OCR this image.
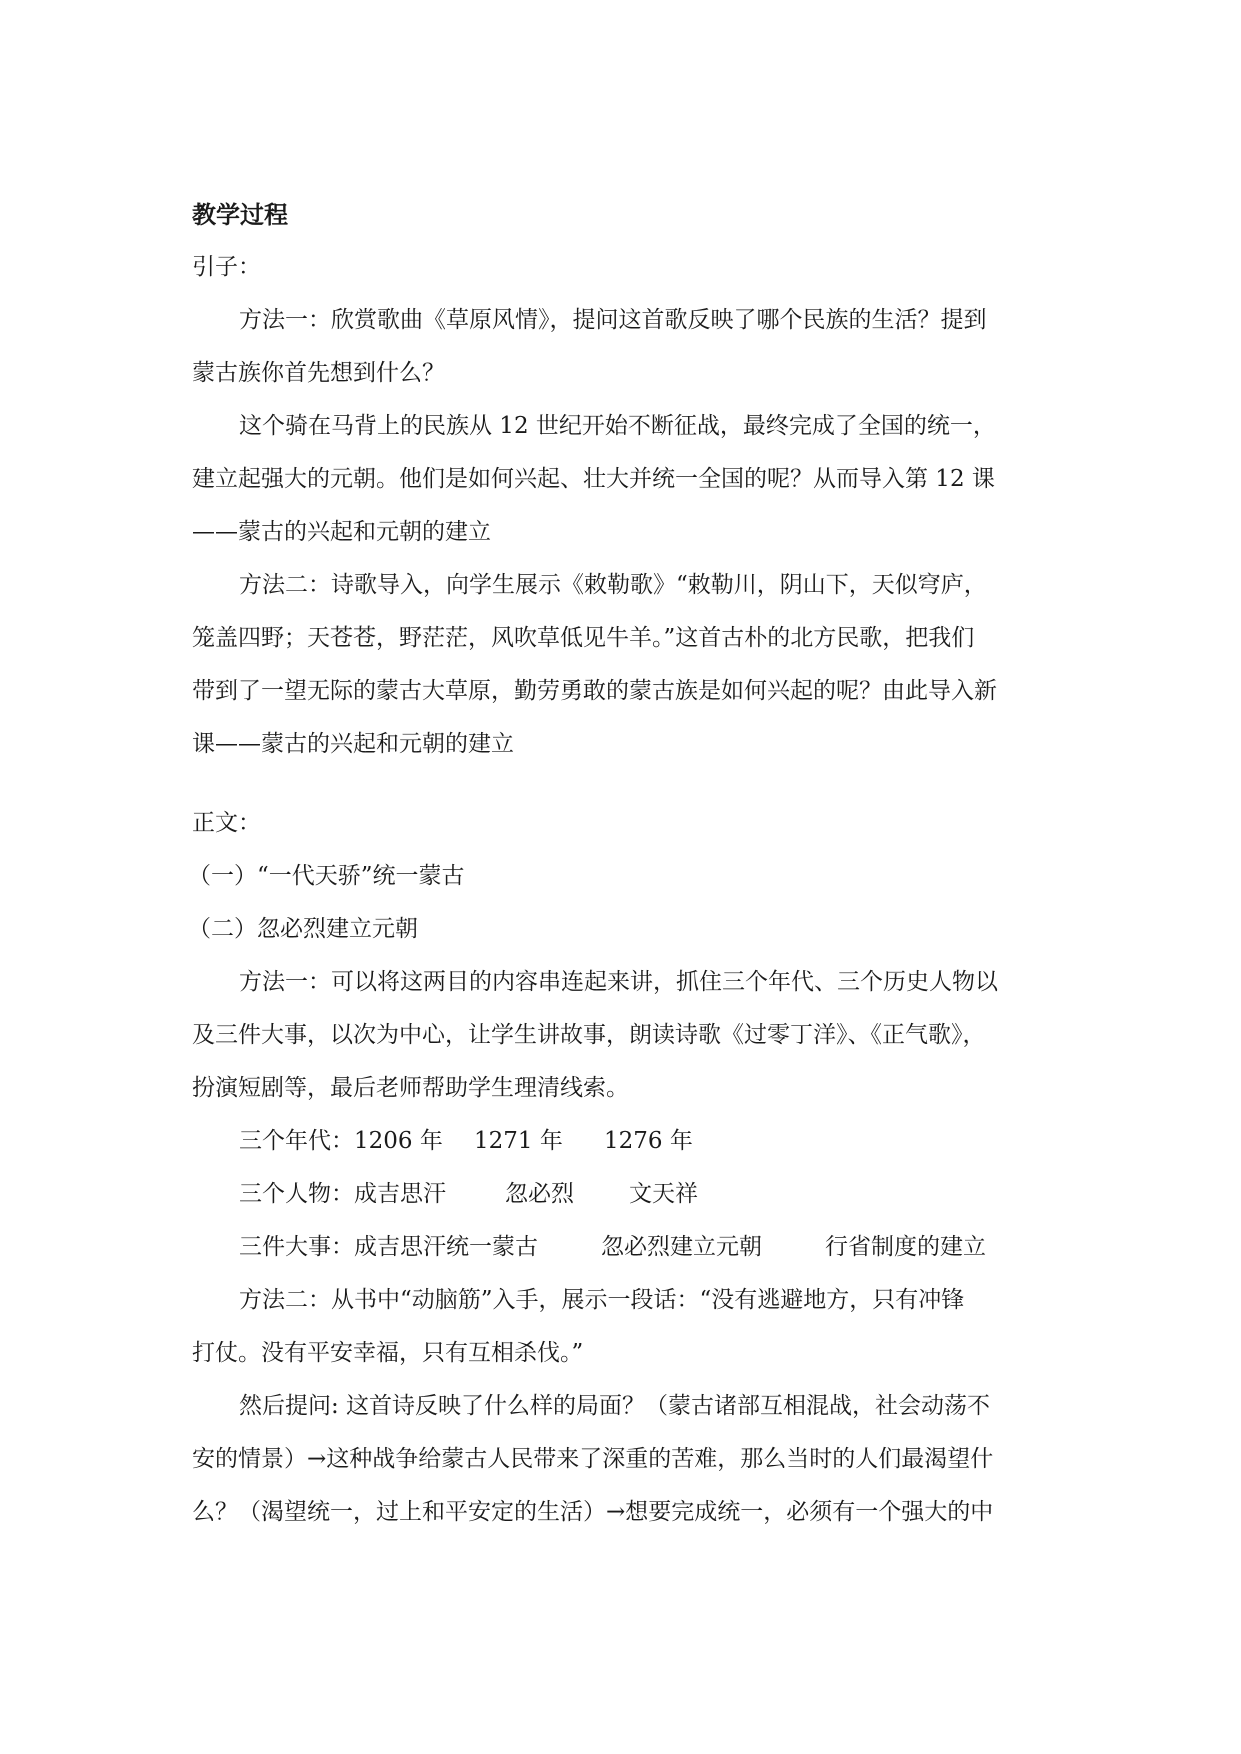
教学过程
引子：
方法一：欣赏歌曲《草原风情》，提问这首歌反映了哪个民族的生活？提到
蒙古族你首先想到什么？
这个骑在马背上的民族从 12 世纪开始不断征战，最终完成了全国的统一，
建立起强大的元朝。他们是如何兴起、壮大并统一全国的呢？从而导入第 12 课
——蒙古的兴起和元朝的建立
方法二：诗歌导入，向学生展示《敕勒歌》“敕勒川，阴山下，天似穹庐，
笼盖四野；天苍苍，野茫茫，风吹草低见牛羊。”这首古朴的北方民歌，把我们
带到了一望无际的蒙古大草原，勤劳勇敢的蒙古族是如何兴起的呢？由此导入新
课——蒙古的兴起和元朝的建立
正文：
（一）“一代天骄”统一蒙古
（二）忽必烈建立元朝
方法一：可以将这两目的内容串连起来讲，抓住三个年代、三个历史人物以
及三件大事，以次为中心，让学生讲故事，朗读诗歌《过零丁洋》、《正气歌》，
扮演短剧等，最后老师帮助学生理清线索。
三个年代：1206 年 1271 年 1276 年
三个人物：成吉思汗	忽必烈 文天祥
三件大事：成吉思汗统一蒙古	忽必烈建立元朝	行省制度的建立
方法二：从书中“动脑筋”入手，展示一段话：“没有逃避地方，只有冲锋
打仗。没有平安幸福，只有互相杀伐。”
然后提问: 这首诗反映了什么样的局面？（蒙古诸部互相混战，社会动荡不
安的情景）→这种战争给蒙古人民带来了深重的苦难，那么当时的人们最渴望什
么？（渴望统一，过上和平安定的生活）→想要完成统一，必须有一个强大的中
